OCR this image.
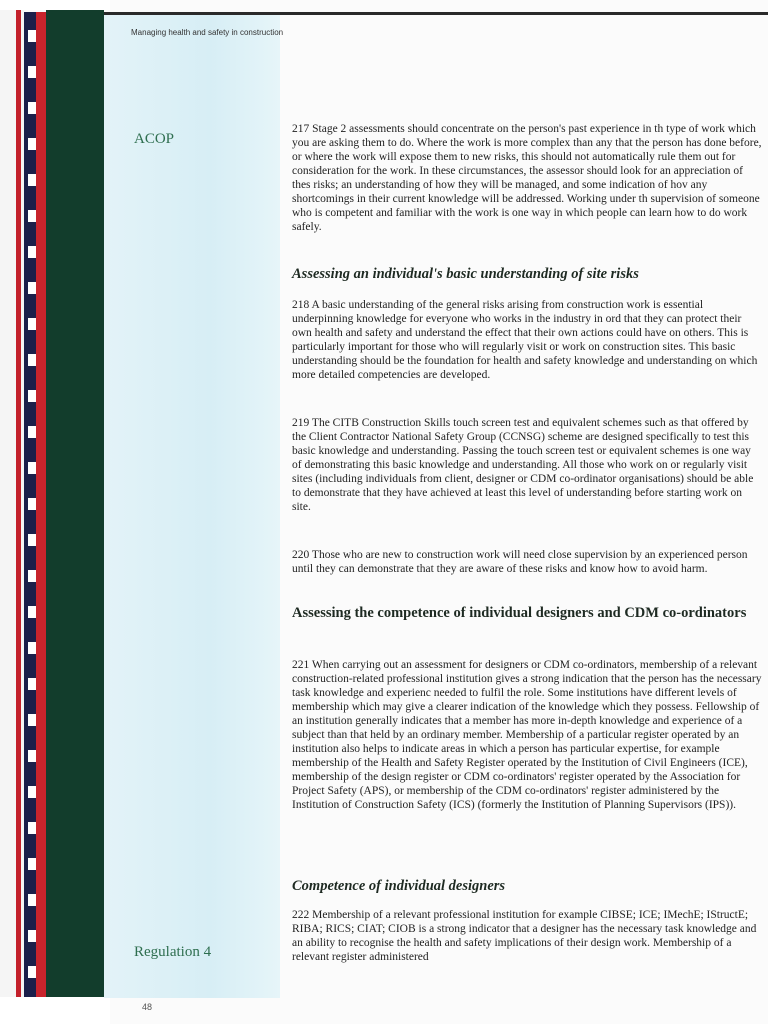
Managing health and safety in construction

ACOP

Regulation 4

217 Stage 2 assessments should concentrate on the person's past experience in th type of work which you are asking them to do. Where the work is more complex than any that the person has done before, or where the work will expose them to new risks, this should not automatically rule them out for consideration for the work. In these circumstances, the assessor should look for an appreciation of thes risks; an understanding of how they will be managed, and some indication of hov any shortcomings in their current knowledge will be addressed. Working under th supervision of someone who is competent and familiar with the work is one way in which people can learn how to do work safely.

Assessing an individual's basic understanding of site risks

218 A basic understanding of the general risks arising from construction work is essential underpinning knowledge for everyone who works in the industry in ord that they can protect their own health and safety and understand the effect that their own actions could have on others. This is particularly important for those who will regularly visit or work on construction sites. This basic understanding should be the foundation for health and safety knowledge and understanding on which more detailed competencies are developed.

219 The CITB Construction Skills touch screen test and equivalent schemes such as that offered by the Client Contractor National Safety Group (CCNSG) scheme are designed specifically to test this basic knowledge and understanding. Passing the touch screen test or equivalent schemes is one way of demonstrating this basic knowledge and understanding. All those who work on or regularly visit sites (including individuals from client, designer or CDM co-ordinator organisations) should be able to demonstrate that they have achieved at least this level of understanding before starting work on site.

220 Those who are new to construction work will need close supervision by an experienced person until they can demonstrate that they are aware of these risks and know how to avoid harm.

Assessing the competence of individual designers and CDM co-ordinators

221 When carrying out an assessment for designers or CDM co-ordinators, membership of a relevant construction-related professional institution gives a strong indication that the person has the necessary task knowledge and experienc needed to fulfil the role. Some institutions have different levels of membership which may give a clearer indication of the knowledge which they possess. Fellowship of an institution generally indicates that a member has more in-depth knowledge and experience of a subject than that held by an ordinary member. Membership of a particular register operated by an institution also helps to indicate areas in which a person has particular expertise, for example membership of the Health and Safety Register operated by the Institution of Civil Engineers (ICE), membership of the design register or CDM co-ordinators' register operated by the Association for Project Safety (APS), or membership of the CDM co-ordinators' register administered by the Institution of Construction Safety (ICS) (formerly the Institution of Planning Supervisors (IPS)).

Competence of individual designers

222 Membership of a relevant professional institution for example CIBSE; ICE; IMechE; IStructE; RIBA; RICS; CIAT; CIOB is a strong indicator that a designer has the necessary task knowledge and an ability to recognise the health and safety implications of their design work. Membership of a relevant register administered

48
